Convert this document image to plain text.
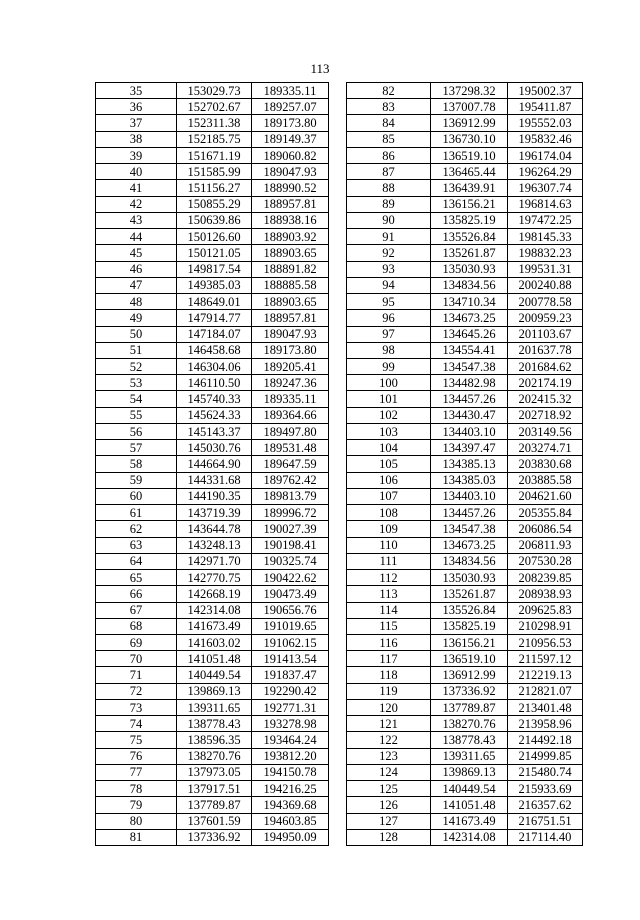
113
35	153029.73	189335.11
36	152702.67	189257.07
37	152311.38	189173.80
38	152185.75	189149.37
39	151671.19	189060.82
40	151585.99	189047.93
41	151156.27	188990.52
42	150855.29	188957.81
43	150639.86	188938.16
44	150126.60	188903.92
45	150121.05	188903.65
46	149817.54	188891.82
47	149385.03	188885.58
48	148649.01	188903.65
49	147914.77	188957.81
50	147184.07	189047.93
51	146458.68	189173.80
52	146304.06	189205.41
53	146110.50	189247.36
54	145740.33	189335.11
55	145624.33	189364.66
56	145143.37	189497.80
57	145030.76	189531.48
58	144664.90	189647.59
59	144331.68	189762.42
60	144190.35	189813.79
61	143719.39	189996.72
62	143644.78	190027.39
63	143248.13	190198.41
64	142971.70	190325.74
65	142770.75	190422.62
66	142668.19	190473.49
67	142314.08	190656.76
68	141673.49	191019.65
69	141603.02	191062.15
70	141051.48	191413.54
71	140449.54	191837.47
72	139869.13	192290.42
73	139311.65	192771.31
74	138778.43	193278.98
75	138596.35	193464.24
76	138270.76	193812.20
77	137973.05	194150.78
78	137917.51	194216.25
79	137789.87	194369.68
80	137601.59	194603.85
81	137336.92	194950.09
82	137298.32	195002.37
83	137007.78	195411.87
84	136912.99	195552.03
85	136730.10	195832.46
86	136519.10	196174.04
87	136465.44	196264.29
88	136439.91	196307.74
89	136156.21	196814.63
90	135825.19	197472.25
91	135526.84	198145.33
92	135261.87	198832.23
93	135030.93	199531.31
94	134834.56	200240.88
95	134710.34	200778.58
96	134673.25	200959.23
97	134645.26	201103.67
98	134554.41	201637.78
99	134547.38	201684.62
100	134482.98	202174.19
101	134457.26	202415.32
102	134430.47	202718.92
103	134403.10	203149.56
104	134397.47	203274.71
105	134385.13	203830.68
106	134385.03	203885.58
107	134403.10	204621.60
108	134457.26	205355.84
109	134547.38	206086.54
110	134673.25	206811.93
111	134834.56	207530.28
112	135030.93	208239.85
113	135261.87	208938.93
114	135526.84	209625.83
115	135825.19	210298.91
116	136156.21	210956.53
117	136519.10	211597.12
118	136912.99	212219.13
119	137336.92	212821.07
120	137789.87	213401.48
121	138270.76	213958.96
122	138778.43	214492.18
123	139311.65	214999.85
124	139869.13	215480.74
125	140449.54	215933.69
126	141051.48	216357.62
127	141673.49	216751.51
128	142314.08	217114.40
